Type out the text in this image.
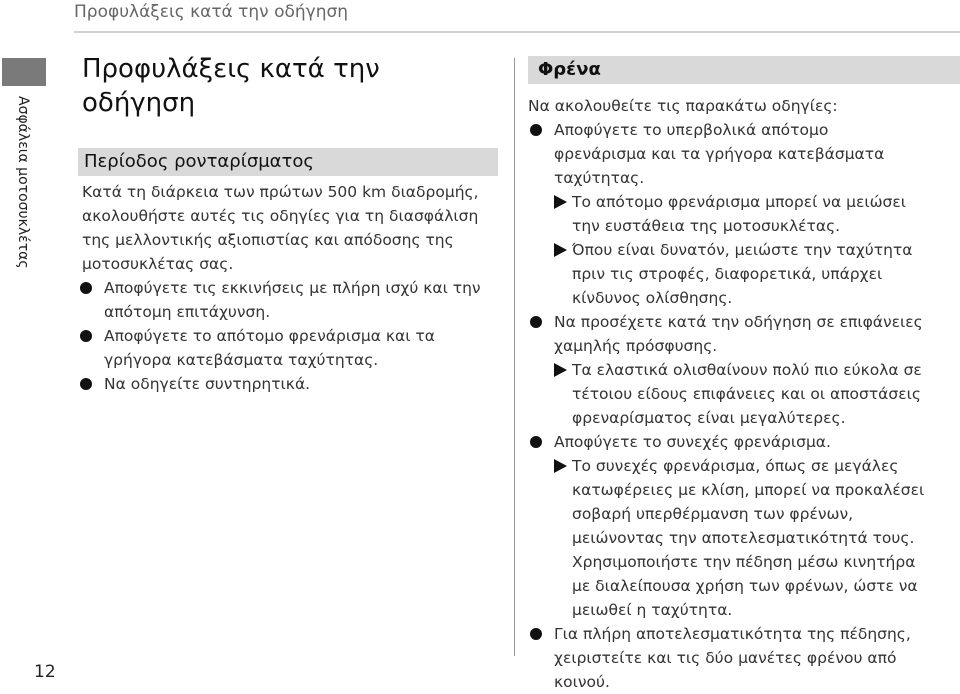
Προφυλάξεις κατά την οδήγηση
Ασφάλεια μοτοσυκλέτας
12
Προφυλάξεις κατά την
οδήγηση
Περίοδος ρονταρίσματος
Κατά τη διάρκεια των πρώτων 500 km διαδρομής,
ακολουθήστε αυτές τις οδηγίες για τη διασφάλιση
της μελλοντικής αξιοπιστίας και απόδοσης της
μοτοσυκλέτας σας.
Αποφύγετε τις εκκινήσεις με πλήρη ισχύ και την
απότομη επιτάχυνση.
Αποφύγετε το απότομο φρενάρισμα και τα
γρήγορα κατεβάσματα ταχύτητας.
Να οδηγείτε συντηρητικά.
Φρένα
Να ακολουθείτε τις παρακάτω οδηγίες:
Αποφύγετε το υπερβολικά απότομο
φρενάρισμα και τα γρήγορα κατεβάσματα
ταχύτητας.
Το απότομο φρενάρισμα μπορεί να μειώσει
την ευστάθεια της μοτοσυκλέτας.
Όπου είναι δυνατόν, μειώστε την ταχύτητα
πριν τις στροφές, διαφορετικά, υπάρχει
κίνδυνος ολίσθησης.
Να προσέχετε κατά την οδήγηση σε επιφάνειες
χαμηλής πρόσφυσης.
Τα ελαστικά ολισθαίνουν πολύ πιο εύκολα σε
τέτοιου είδους επιφάνειες και οι αποστάσεις
φρεναρίσματος είναι μεγαλύτερες.
Αποφύγετε το συνεχές φρενάρισμα.
Το συνεχές φρενάρισμα, όπως σε μεγάλες
κατωφέρειες με κλίση, μπορεί να προκαλέσει
σοβαρή υπερθέρμανση των φρένων,
μειώνοντας την αποτελεσματικότητά τους.
Χρησιμοποιήστε την πέδηση μέσω κινητήρα
με διαλείπουσα χρήση των φρένων, ώστε να
μειωθεί η ταχύτητα.
Για πλήρη αποτελεσματικότητα της πέδησης,
χειριστείτε και τις δύο μανέτες φρένου από
κοινού.
